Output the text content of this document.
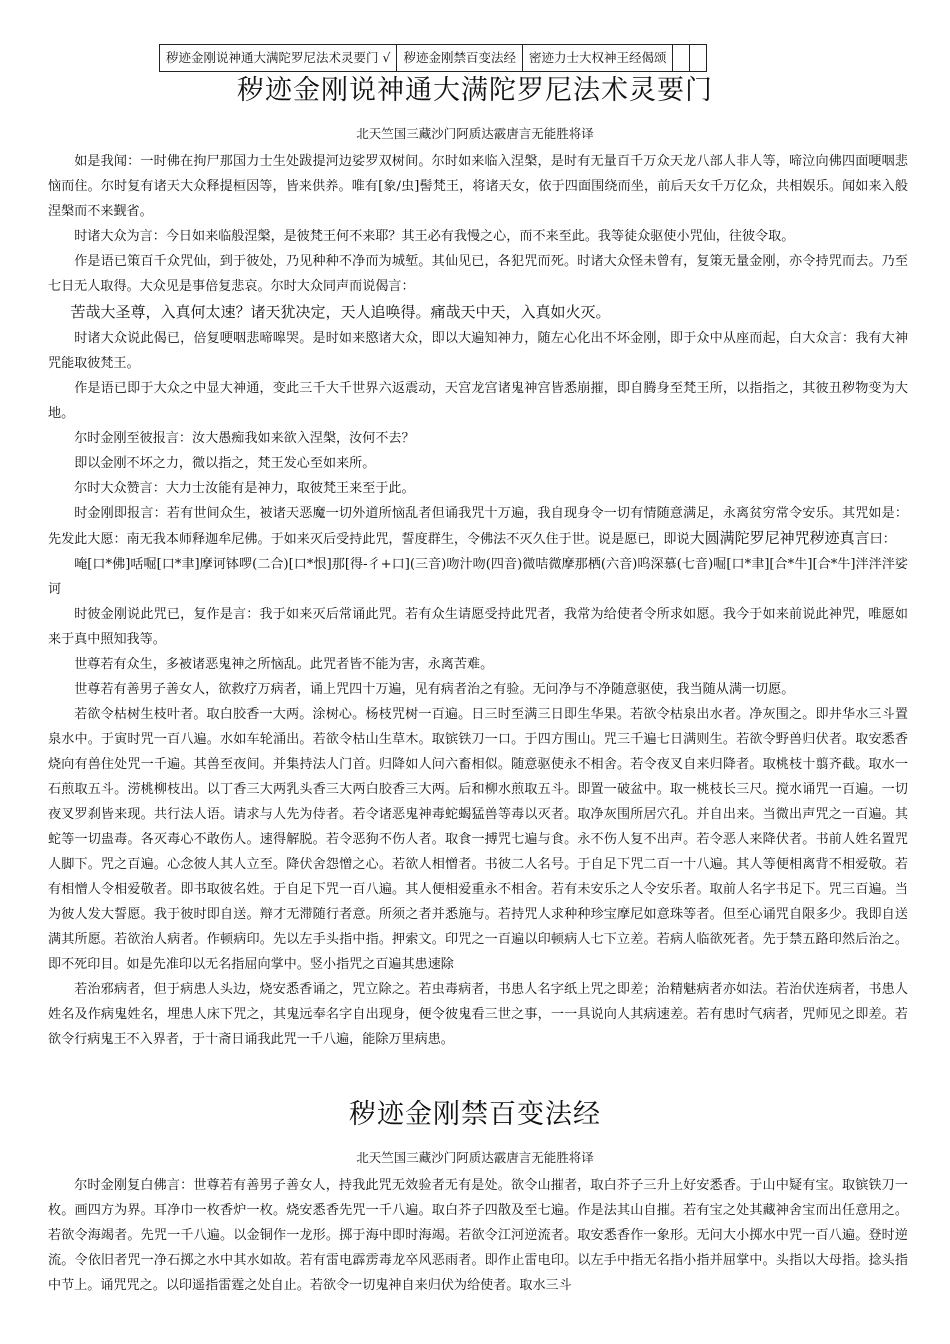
秽迹金刚说神通大满陀罗尼法术灵要门 √	秽迹金刚禁百变法经	密迹力士大权神王经偈颂
秽迹金刚说神通大满陀罗尼法术灵要门
北天竺国三藏沙门阿质达霰唐言无能胜将译

如是我闻：一时佛在拘尸那国力士生处跋提河边娑罗双树间。尔时如来临入涅槃，是时有无量百千万众天龙八部人非人等，啼泣向佛四面哽咽悲恼而住。尔时复有诸天大众释提桓因等，皆来供养。唯有[象/虫]髻梵王，将诸天女，依于四面围绕而坐，前后天女千万亿众，共相娱乐。闻如来入般涅槃而不来觐省。

时诸大众为言：今日如来临般涅槃，是彼梵王何不来耶？其王必有我慢之心，而不来至此。我等徒众驱使小咒仙，往彼令取。

作是语已策百千众咒仙，到于彼处，乃见种种不净而为城堑。其仙见已，各犯咒而死。时诸大众怪未曾有，复策无量金刚，亦令持咒而去。乃至七日无人取得。大众见是事倍复悲哀。尔时大众同声而说偈言：

苦哉大圣尊，入真何太速？诸天犹决定，天人追唤得。痛哉天中天，入真如火灭。

时诸大众说此偈已，倍复哽咽悲啼嗥哭。是时如来愍诸大众，即以大遍知神力，随左心化出不坏金刚，即于众中从座而起，白大众言：我有大神咒能取彼梵王。

作是语已即于大众之中显大神通，变此三千大千世界六返震动，天宫龙宫诸鬼神宫皆悉崩摧，即自腾身至梵王所，以指指之，其彼丑秽物变为大地。

尔时金刚至彼报言：汝大愚痴我如来欲入涅槃，汝何不去？

即以金刚不坏之力，微以指之，梵王发心至如来所。

尔时大众赞言：大力士汝能有是神力，取彼梵王来至于此。

时金刚即报言：若有世间众生，被诸天恶魔一切外道所恼乱者但诵我咒十万遍，我自现身令一切有情随意满足，永离贫穷常令安乐。其咒如是：先发此大愿：南无我本师释迦牟尼佛。于如来灭后受持此咒，誓度群生，令佛法不灭久住于世。说是愿已，即说大圆满陀罗尼神咒秽迹真言曰：

唵[口*佛]咶啒[口*聿]摩诃钵啰(二合)[口*恨]那[得-彳+口](三音)吻汁吻(四音)微咭微摩那栖(六音)呜深慕(七音)啒[口*聿][合*牛][合*牛]泮泮泮娑诃

时彼金刚说此咒已，复作是言：我于如来灭后常诵此咒。若有众生请愿受持此咒者，我常为给使者令所求如愿。我今于如来前说此神咒，唯愿如来于真中照知我等。

世尊若有众生，多被诸恶鬼神之所恼乱。此咒者皆不能为害，永离苦难。

世尊若有善男子善女人，欲救疗万病者，诵上咒四十万遍，见有病者治之有验。无问净与不净随意驱使，我当随从满一切愿。

若欲令枯树生枝叶者。取白胶香一大两。涂树心。杨枝咒树一百遍。日三时至满三日即生华果。若欲令枯泉出水者。净灰围之。即井华水三斗置泉水中。于寅时咒一百八遍。水如车轮涌出。若欲令枯山生草木。取镔铁刀一口。于四方围山。咒三千遍七日满则生。若欲令野兽归伏者。取安悉香烧向有兽住处咒一千遍。其兽至夜间。并集持法人门首。归降如人问六畜相似。随意驱使永不相舍。若令夜叉自来归降者。取桃枝十翦齐截。取水一石煎取五斗。涝桃柳枝出。以丁香三大两乳头香三大两白胶香三大两。后和柳水煎取五斗。即置一破盆中。取一桃枝长三尺。搅水诵咒一百遍。一切夜叉罗刹皆来现。共行法人语。请求与人先为侍者。若令诸恶鬼神毒蛇蝎猛兽等毒以灭者。取净灰围所居穴孔。并自出来。当微出声咒之一百遍。其蛇等一切蛊毒。各灭毒心不敢伤人。速得解脱。若令恶狗不伤人者。取食一搏咒七遍与食。永不伤人复不出声。若令恶人来降伏者。书前人姓名置咒人脚下。咒之百遍。心念彼人其人立至。降伏舍怨憎之心。若欲人相憎者。书彼二人名号。于自足下咒二百一十八遍。其人等便相离背不相爱敬。若有相憎人令相爱敬者。即书取彼名姓。于自足下咒一百八遍。其人便相爱重永不相舍。若有未安乐之人令安乐者。取前人名字书足下。咒三百遍。当为彼人发大誓愿。我于彼时即自送。辩才无滞随行者意。所须之者并悉施与。若持咒人求种种珍宝摩尼如意珠等者。但至心诵咒自限多少。我即自送满其所愿。若欲治人病者。作顿病印。先以左手头指中指。押索文。印咒之一百遍以印顿病人七下立差。若病人临欲死者。先于禁五路印然后治之。即不死印目。如是先准印以无名指屈向掌中。竖小指咒之百遍其患速除

若治邪病者，但于病患人头边，烧安悉香诵之，咒立除之。若虫毒病者，书患人名字纸上咒之即差；治精魅病者亦如法。若治伏连病者，书患人姓名及作病鬼姓名，埋患人床下咒之，其鬼远奉名字自出现身，便令彼鬼看三世之事，一一具说向人其病速差。若有患时气病者，咒师见之即差。若欲令行病鬼王不入界者，于十斋日诵我此咒一千八遍，能除万里病患。

秽迹金刚禁百变法经
北天竺国三藏沙门阿质达霰唐言无能胜将译

尔时金刚复白佛言：世尊若有善男子善女人，持我此咒无效验者无有是处。欲令山摧者，取白芥子三升上好安悉香。于山中疑有宝。取镔铁刀一枚。画四方为界。耳净巾一枚香炉一枚。烧安悉香先咒一千八遍。取白芥子四散及至七遍。作是法其山自摧。若有宝之处其藏神舍宝而出任意用之。若欲令海竭者。先咒一千八遍。以金铜作一龙形。掷于海中即时海竭。若欲令江河逆流者。取安悉香作一象形。无问大小掷水中咒一百八遍。登时逆流。令依旧者咒一净石掷之水中其水如故。若有雷电霹雳毒龙卒风恶雨者。即作止雷电印。以左手中指无名指小指并屈掌中。头指以大母指。捻头指中节上。诵咒咒之。以印遥指雷霆之处自止。若欲令一切鬼神自来归伏为给使者。取水三斗
